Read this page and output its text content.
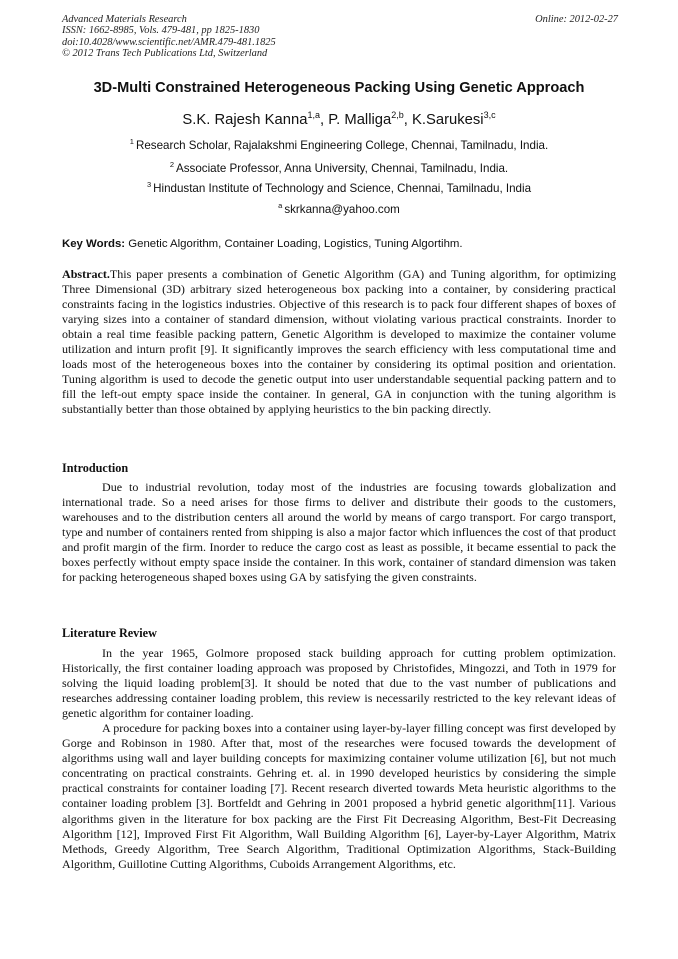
Advanced Materials Research	Online: 2012-02-27
ISSN: 1662-8985, Vols. 479-481, pp 1825-1830
doi:10.4028/www.scientific.net/AMR.479-481.1825
© 2012 Trans Tech Publications Ltd, Switzerland
3D-Multi Constrained Heterogeneous Packing Using Genetic Approach
S.K. Rajesh Kanna$^{1,a}$, P. Malliga$^{2,b}$, K.Sarukesi$^{3,c}$
$^1$ Research Scholar, Rajalakshmi Engineering College, Chennai, Tamilnadu, India.
$^2$ Associate Professor, Anna University, Chennai, Tamilnadu, India.
$^3$ Hindustan Institute of Technology and Science, Chennai, Tamilnadu, India
$^a$ skrkanna@yahoo.com
Key Words: Genetic Algorithm, Container Loading, Logistics, Tuning Algortihm.

Abstract.This paper presents a combination of Genetic Algorithm (GA) and Tuning algorithm, for optimizing Three Dimensional (3D) arbitrary sized heterogeneous box packing into a container, by considering practical constraints facing in the logistics industries. Objective of this research is to pack four different shapes of boxes of varying sizes into a container of standard dimension, without violating various practical constraints. Inorder to obtain a real time feasible packing pattern, Genetic Algorithm is developed to maximize the container volume utilization and inturn profit [9]. It significantly improves the search efficiency with less computational time and loads most of the heterogeneous boxes into the container by considering its optimal position and orientation. Tuning algorithm is used to decode the genetic output into user understandable sequential packing pattern and to fill the left-out empty space inside the container. In general, GA in conjunction with the tuning algorithm is substantially better than those obtained by applying heuristics to the bin packing directly.

Introduction

Due to industrial revolution, today most of the industries are focusing towards globalization and international trade. So a need arises for those firms to deliver and distribute their goods to the customers, warehouses and to the distribution centers all around the world by means of cargo transport. For cargo transport, type and number of containers rented from shipping is also a major factor which influences the cost of that product and profit margin of the firm. Inorder to reduce the cargo cost as least as possible, it became essential to pack the boxes perfectly without empty space inside the container. In this work, container of standard dimension was taken for packing heterogeneous shaped boxes using GA by satisfying the given constraints.

Literature Review

In the year 1965, Golmore proposed stack building approach for cutting problem optimization. Historically, the first container loading approach was proposed by Christofides, Mingozzi, and Toth in 1979 for solving the liquid loading problem[3]. It should be noted that due to the vast number of publications and researches addressing container loading problem, this review is necessarily restricted to the key relevant ideas of genetic algorithm for container loading.

A procedure for packing boxes into a container using layer-by-layer filling concept was first developed by Gorge and Robinson in 1980. After that, most of the researches were focused towards the development of algorithms using wall and layer building concepts for maximizing container volume utilization [6], but not much concentrating on practical constraints. Gehring et. al. in 1990 developed heuristics by considering the simple practical constraints for container loading [7]. Recent research diverted towards Meta heuristic algorithms to the container loading problem [3]. Bortfeldt and Gehring in 2001 proposed a hybrid genetic algorithm[11]. Various algorithms given in the literature for box packing are the First Fit Decreasing Algorithm, Best-Fit Decreasing Algorithm [12], Improved First Fit Algorithm, Wall Building Algorithm [6], Layer-by-Layer Algorithm, Matrix Methods, Greedy Algorithm, Tree Search Algorithm, Traditional Optimization Algorithms, Stack-Building Algorithm, Guillotine Cutting Algorithms, Cuboids Arrangement Algorithms, etc.
